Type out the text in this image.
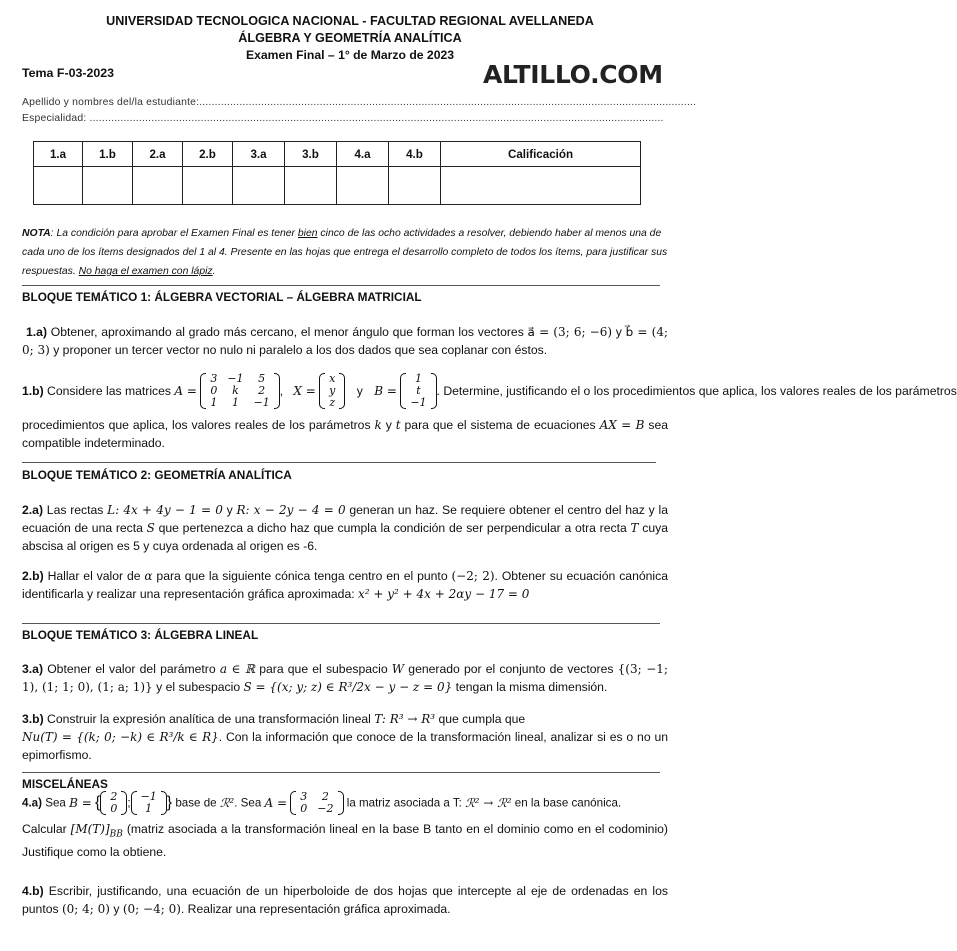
UNIVERSIDAD TECNOLOGICA NACIONAL - FACULTAD REGIONAL AVELLANEDA
ÁLGEBRA Y GEOMETRÍA ANALÍTICA
Examen Final – 1° de Marzo de 2023
Tema F-03-2023	ALTILLO.COM
Apellido y nombres del/la estudiante:.................................................................................................................................................................
Especialidad: ..........................................................................................................................................................................................
1.a	1.b	2.a	2.b	3.a	3.b	4.a	4.b	Calificación

NOTA: La condición para aprobar el Examen Final es tener bien cinco de las ocho actividades a resolver, debiendo haber al menos una de cada uno de los ítems designados del 1 al 4. Presente en las hojas que entrega el desarrollo completo de todos los ítems, para justificar sus respuestas. No haga el examen con lápiz.
BLOQUE TEMÁTICO 1: ÁLGEBRA VECTORIAL – ÁLGEBRA MATRICIAL
1.a) Obtener, aproximando al grado más cercano, el menor ángulo que forman los vectores a⃗ = (3; 6; −6) y b⃗ = (4; 0; 3) y proponer un tercer vector no nulo ni paralelo a los dos dados que sea coplanar con éstos.
1.b) Considere las matrices A =
3	−1	5
0	k	2
1	1	−1
,   X =
x
y
z
y B =
1
t
−1
. Determine, justificando el o los procedimientos que aplica, los valores reales de los parámetros
procedimientos que aplica, los valores reales de los parámetros k y t para que el sistema de ecuaciones AX = B sea compatible indeterminado.
BLOQUE TEMÁTICO 2: GEOMETRÍA ANALÍTICA
2.a) Las rectas L: 4x + 4y − 1 = 0 y R: x − 2y − 4 = 0 generan un haz. Se requiere obtener el centro del haz y la ecuación de una recta S que pertenezca a dicho haz que cumpla la condición de ser perpendicular a otra recta T cuya abscisa al origen es 5 y cuya ordenada al origen es -6.
2.b) Hallar el valor de α para que la siguiente cónica tenga centro en el punto (−2; 2). Obtener su ecuación canónica identificarla y realizar una representación gráfica aproximada: x² + y² + 4x + 2αy − 17 = 0
BLOQUE TEMÁTICO 3: ÁLGEBRA LINEAL
3.a) Obtener el valor del parámetro a ∈ ℝ para que el subespacio W generado por el conjunto de vectores {(3; −1; 1), (1; 1; 0), (1; a; 1)} y el subespacio S = {(x; y; z) ∈ R³/2x − y − z = 0} tengan la misma dimensión.
3.b) Construir la expresión analítica de una transformación lineal T: R³ → R³ que cumpla que
Nu(T) = {(k; 0; −k) ∈ R³/k ∈ R}. Con la información que conoce de la transformación lineal, analizar si es o no un epimorfismo.
MISCELÁNEAS
4.a) Sea B = { 2
0 ; −1
1 } base de ℛ². Sea A = 3	2
0	−2 la matriz asociada a T: ℛ² → ℛ² en la base canónica.
Calcular $[M(T)]_{BB}$ (matriz asociada a la transformación lineal en la base B tanto en el dominio como en el codominio) Justifique como la obtiene.
4.b) Escribir, justificando, una ecuación de un hiperboloide de dos hojas que intercepte al eje de ordenadas en los puntos (0; 4; 0) y (0; −4; 0). Realizar una representación gráfica aproximada.
